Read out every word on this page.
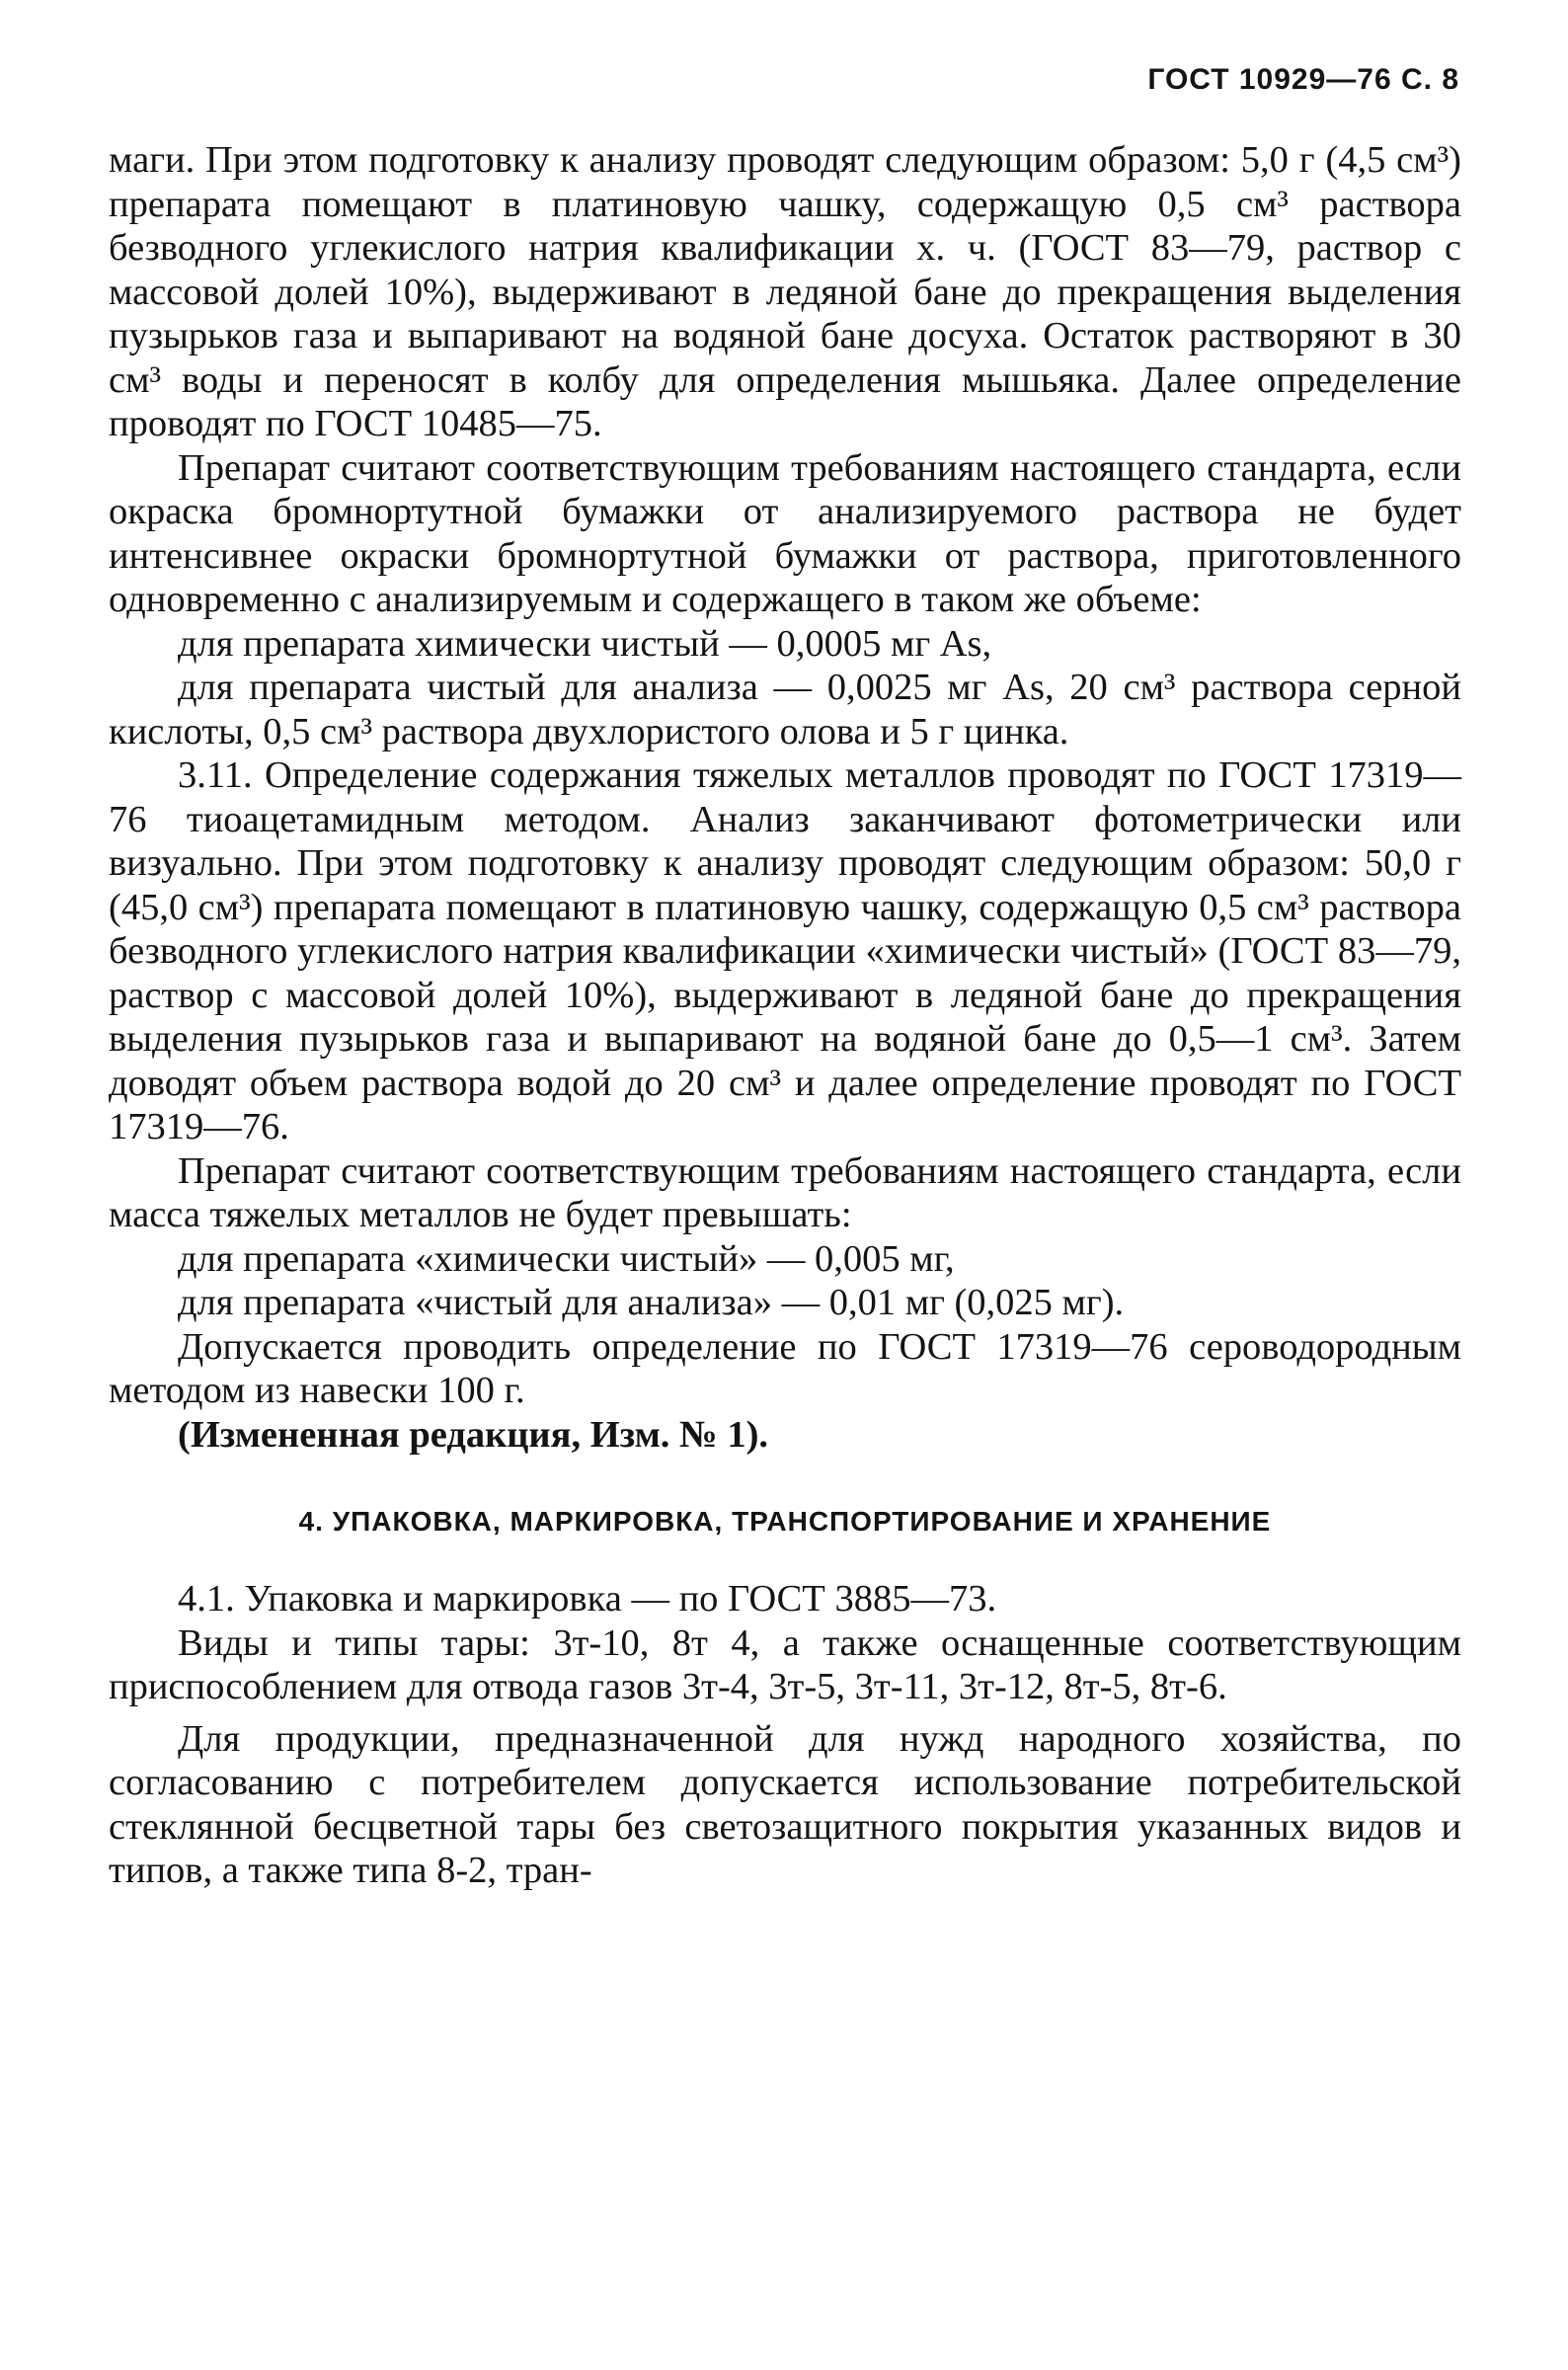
ГОСТ 10929—76 С. 8

маги. При этом подготовку к анализу проводят следующим образом: 5,0 г (4,5 см³) препарата помещают в платиновую чашку, содержащую 0,5 см³ раствора безводного углекислого натрия квалификации х. ч. (ГОСТ 83—79, раствор с массовой долей 10%), выдерживают в ледяной бане до прекращения выделения пузырьков газа и выпаривают на водяной бане досуха. Остаток растворяют в 30 см³ воды и переносят в колбу для определения мышьяка. Далее определение проводят по ГОСТ 10485—75.

Препарат считают соответствующим требованиям настоящего стандарта, если окраска бромнортутной бумажки от анализируемого раствора не будет интенсивнее окраски бромнортутной бумажки от раствора, приготовленного одновременно с анализируемым и содержащего в таком же объеме:

для препарата химически чистый — 0,0005 мг As,

для препарата чистый для анализа — 0,0025 мг As, 20 см³ раствора серной кислоты, 0,5 см³ раствора двухлористого олова и 5 г цинка.

3.11. Определение содержания тяжелых металлов проводят по ГОСТ 17319—76 тиоацетамидным методом. Анализ заканчивают фотометрически или визуально. При этом подготовку к анализу проводят следующим образом: 50,0 г (45,0 см³) препарата помещают в платиновую чашку, содержащую 0,5 см³ раствора безводного углекислого натрия квалификации «химически чистый» (ГОСТ 83—79, раствор с массовой долей 10%), выдерживают в ледяной бане до прекращения выделения пузырьков газа и выпаривают на водяной бане до 0,5—1 см³. Затем доводят объем раствора водой до 20 см³ и далее определение проводят по ГОСТ 17319—76.

Препарат считают соответствующим требованиям настоящего стандарта, если масса тяжелых металлов не будет превышать:

для препарата «химически чистый» — 0,005 мг,

для препарата «чистый для анализа» — 0,01 мг (0,025 мг).

Допускается проводить определение по ГОСТ 17319—76 сероводородным методом из навески 100 г.

(Измененная редакция, Изм. № 1).

4. УПАКОВКА, МАРКИРОВКА, ТРАНСПОРТИРОВАНИЕ И ХРАНЕНИЕ

4.1. Упаковка и маркировка — по ГОСТ 3885—73.

Виды и типы тары: 3т-10, 8т 4, а также оснащенные соответствующим приспособлением для отвода газов 3т-4, 3т-5, 3т-11, 3т-12, 8т-5, 8т-6.

Для продукции, предназначенной для нужд народного хозяйства, по согласованию с потребителем допускается использование потребительской стеклянной бесцветной тары без светозащитного покрытия указанных видов и типов, а также типа 8-2, тран-
